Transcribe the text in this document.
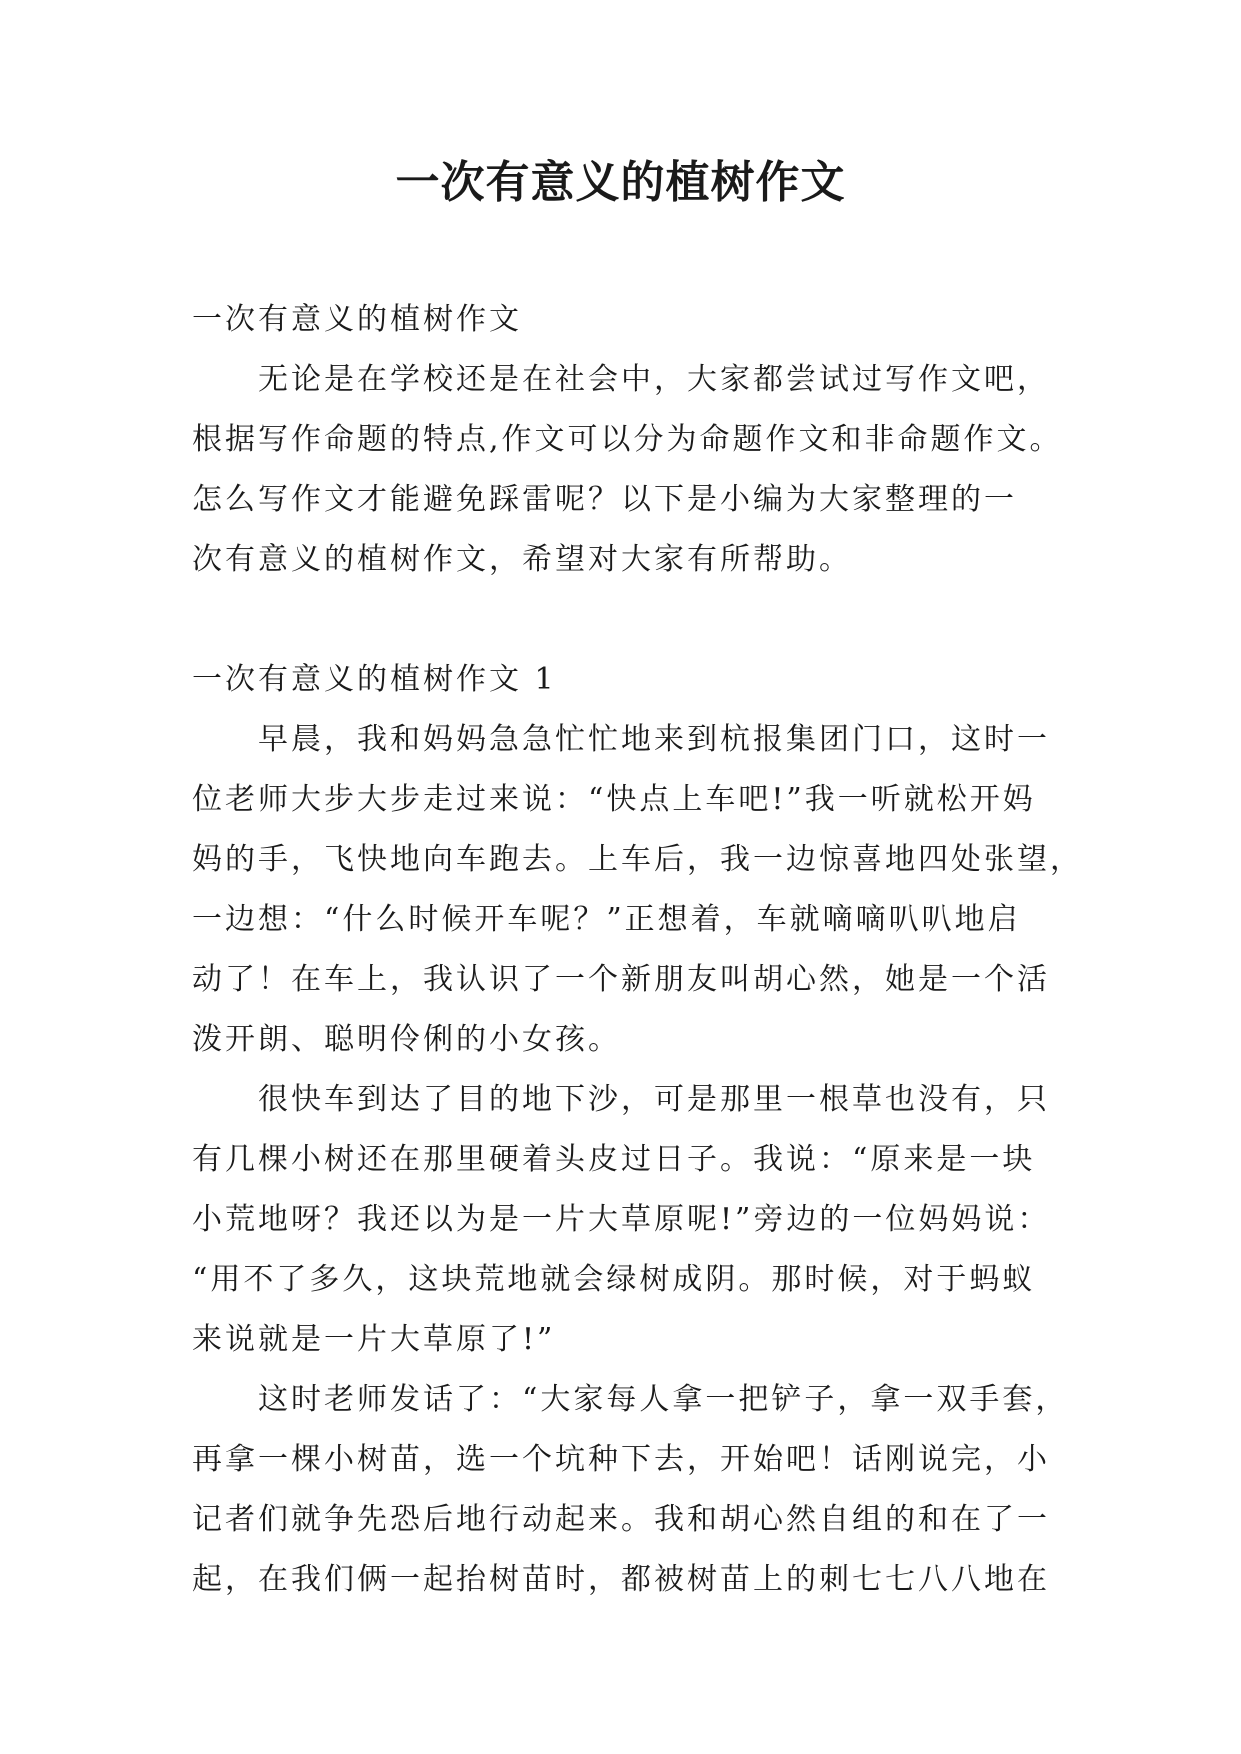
一次有意义的植树作文
一次有意义的植树作文
无论是在学校还是在社会中，大家都尝试过写作文吧，
根据写作命题的特点,作文可以分为命题作文和非命题作文。
怎么写作文才能避免踩雷呢？以下是小编为大家整理的一
次有意义的植树作文，希望对大家有所帮助。
一次有意义的植树作文 1
早晨，我和妈妈急急忙忙地来到杭报集团门口，这时一
位老师大步大步走过来说：“快点上车吧!”我一听就松开妈
妈的手，飞快地向车跑去。上车后，我一边惊喜地四处张望，
一边想：“什么时候开车呢？”正想着，车就嘀嘀叭叭地启
动了！在车上，我认识了一个新朋友叫胡心然，她是一个活
泼开朗、聪明伶俐的小女孩。
很快车到达了目的地下沙，可是那里一根草也没有，只
有几棵小树还在那里硬着头皮过日子。我说：“原来是一块
小荒地呀？我还以为是一片大草原呢!”旁边的一位妈妈说：
“用不了多久，这块荒地就会绿树成阴。那时候，对于蚂蚁
来说就是一片大草原了!”
这时老师发话了：“大家每人拿一把铲子，拿一双手套，
再拿一棵小树苗，选一个坑种下去，开始吧！话刚说完，小
记者们就争先恐后地行动起来。我和胡心然自组的和在了一
起，在我们俩一起抬树苗时，都被树苗上的刺七七八八地在
